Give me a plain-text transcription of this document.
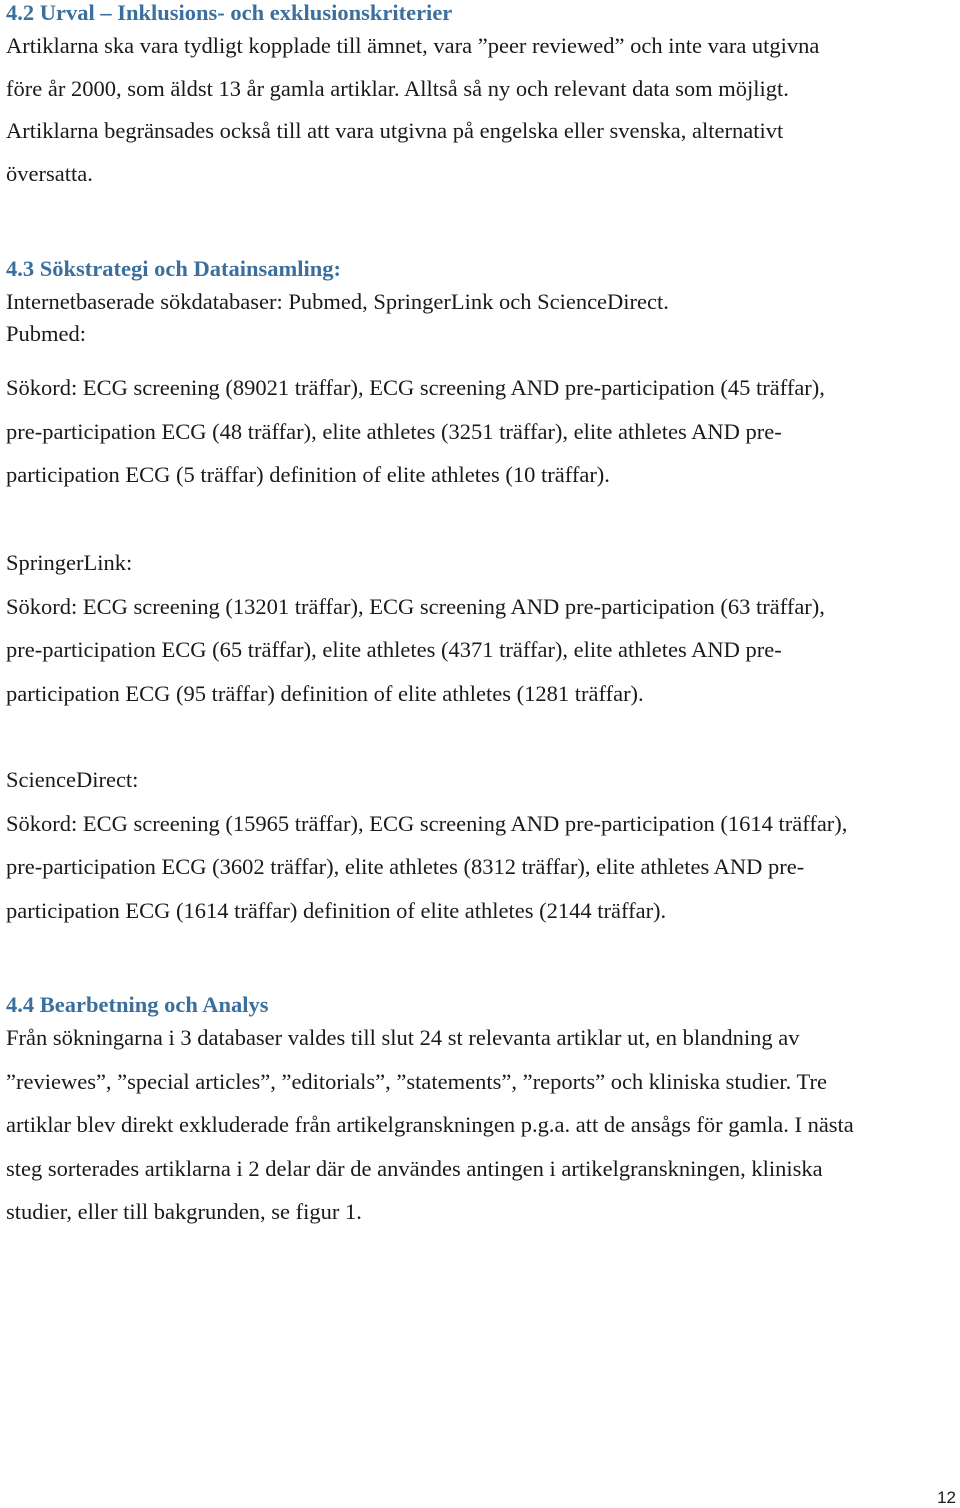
4.2 Urval – Inklusions- och exklusionskriterier
Artiklarna ska vara tydligt kopplade till ämnet, vara ”peer reviewed” och inte vara utgivna
före år 2000, som äldst 13 år gamla artiklar. Alltså så ny och relevant data som möjligt.
Artiklarna begränsades också till att vara utgivna på engelska eller svenska, alternativt
översatta.
4.3 Sökstrategi och Datainsamling:
Internetbaserade sökdatabaser: Pubmed, SpringerLink och ScienceDirect.
Pubmed:
Sökord: ECG screening (89021 träffar), ECG screening AND pre-participation (45 träffar),
pre-participation ECG (48 träffar), elite athletes (3251 träffar), elite athletes AND pre-
participation ECG (5 träffar) definition of elite athletes (10 träffar).
SpringerLink:
Sökord: ECG screening (13201 träffar), ECG screening AND pre-participation (63 träffar),
pre-participation ECG (65 träffar), elite athletes (4371 träffar), elite athletes AND pre-
participation ECG (95 träffar) definition of elite athletes (1281 träffar).
ScienceDirect:
Sökord: ECG screening (15965 träffar), ECG screening AND pre-participation (1614 träffar),
pre-participation ECG (3602 träffar), elite athletes (8312 träffar), elite athletes AND pre-
participation ECG (1614 träffar) definition of elite athletes (2144 träffar).
4.4 Bearbetning och Analys
Från sökningarna i 3 databaser valdes till slut 24 st relevanta artiklar ut, en blandning av
”reviewes”, ”special articles”, ”editorials”, ”statements”, ”reports” och kliniska studier. Tre
artiklar blev direkt exkluderade från artikelgranskningen p.g.a. att de ansågs för gamla. I nästa
steg sorterades artiklarna i 2 delar där de användes antingen i artikelgranskningen, kliniska
studier, eller till bakgrunden, se figur 1.
12
